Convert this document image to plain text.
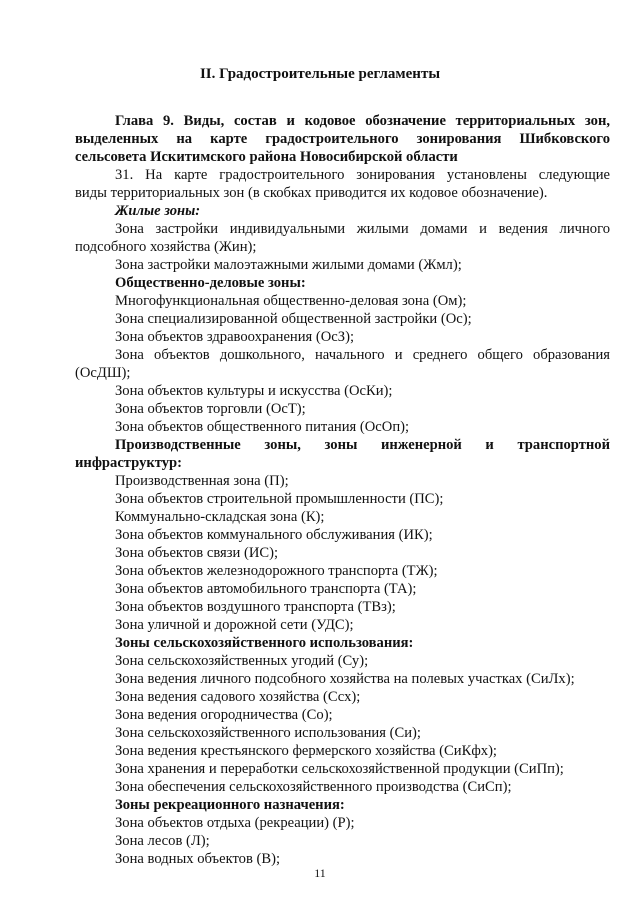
II. Градостроительные регламенты

Глава 9. Виды, состав и кодовое обозначение территориальных зон,

выделенных на карте градостроительного зонирования Шибковского

сельсовета Искитимского района Новосибирской области

31. На карте градостроительного зонирования установлены следующие

виды территориальных зон (в скобках приводится их кодовое обозначение).

Жилые зоны:

Зона застройки индивидуальными жилыми домами и ведения личного

подсобного хозяйства (Жин);

Зона застройки малоэтажными жилыми домами (Жмл);

Общественно-деловые зоны:

Многофункциональная общественно-деловая зона (Ом);

Зона специализированной общественной застройки (Ос);

Зона объектов здравоохранения (ОсЗ);

Зона объектов дошкольного, начального и среднего общего образования

(ОсДШ);

Зона объектов культуры и искусства (ОсКи);

Зона объектов торговли (ОсТ);

Зона объектов общественного питания (ОсОп);

Производственные зоны, зоны инженерной и транспортной

инфраструктур:

Производственная зона (П);

Зона объектов строительной промышленности (ПС);

Коммунально-складская зона (К);

Зона объектов коммунального обслуживания (ИК);

Зона объектов связи (ИС);

Зона объектов железнодорожного транспорта (ТЖ);

Зона объектов автомобильного транспорта (ТА);

Зона объектов воздушного транспорта (ТВз);

Зона уличной и дорожной сети (УДС);

Зоны сельскохозяйственного использования:

Зона сельскохозяйственных угодий (Су);

Зона ведения личного подсобного хозяйства на полевых участках (СиЛх);

Зона ведения садового хозяйства (Ссх);

Зона ведения огородничества (Со);

Зона сельскохозяйственного использования (Си);

Зона ведения крестьянского фермерского хозяйства (СиКфх);

Зона хранения и переработки сельскохозяйственной продукции (СиПп);

Зона обеспечения сельскохозяйственного производства (СиСп);

Зоны рекреационного назначения:

Зона объектов отдыха (рекреации) (Р);

Зона лесов (Л);

Зона водных объектов (В);

11
